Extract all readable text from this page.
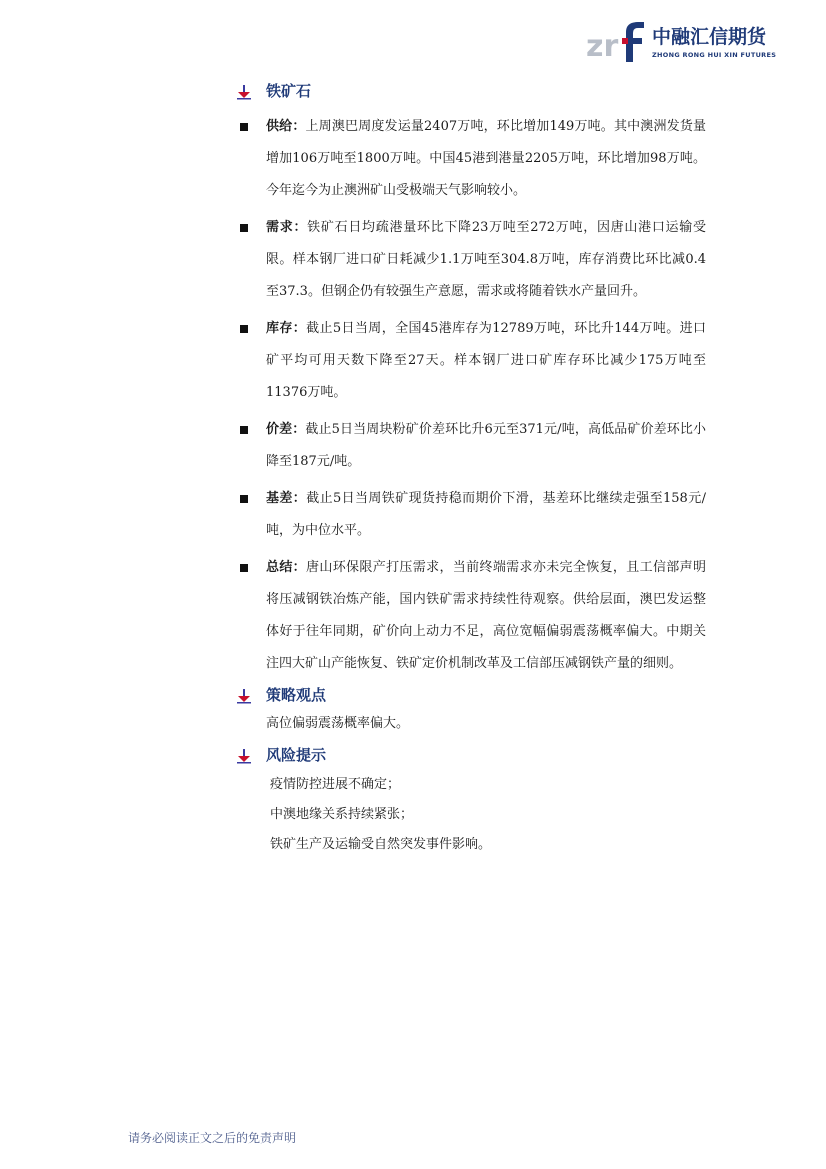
zr 中融汇信期货
ZHONG RONG HUI XIN FUTURES
铁矿石

供给：上周澳巴周度发运量2407万吨，环比增加149万吨。其中澳洲发货量增加106万吨至1800万吨。中国45港到港量2205万吨，环比增加98万吨。今年迄今为止澳洲矿山受极端天气影响较小。

需求：铁矿石日均疏港量环比下降23万吨至272万吨，因唐山港口运输受限。样本钢厂进口矿日耗减少1.1万吨至304.8万吨，库存消费比环比减0.4至37.3。但钢企仍有较强生产意愿，需求或将随着铁水产量回升。

库存：截止5日当周，全国45港库存为12789万吨，环比升144万吨。进口矿平均可用天数下降至27天。样本钢厂进口矿库存环比减少175万吨至11376万吨。

价差：截止5日当周块粉矿价差环比升6元至371元/吨，高低品矿价差环比小降至187元/吨。

基差：截止5日当周铁矿现货持稳而期价下滑，基差环比继续走强至158元/吨，为中位水平。

总结：唐山环保限产打压需求，当前终端需求亦未完全恢复，且工信部声明将压减钢铁冶炼产能，国内铁矿需求持续性待观察。供给层面，澳巴发运整体好于往年同期，矿价向上动力不足，高位宽幅偏弱震荡概率偏大。中期关注四大矿山产能恢复、铁矿定价机制改革及工信部压减钢铁产量的细则。

策略观点

高位偏弱震荡概率偏大。

风险提示

疫情防控进展不确定；

中澳地缘关系持续紧张；

铁矿生产及运输受自然突发事件影响。

请务必阅读正文之后的免责声明
